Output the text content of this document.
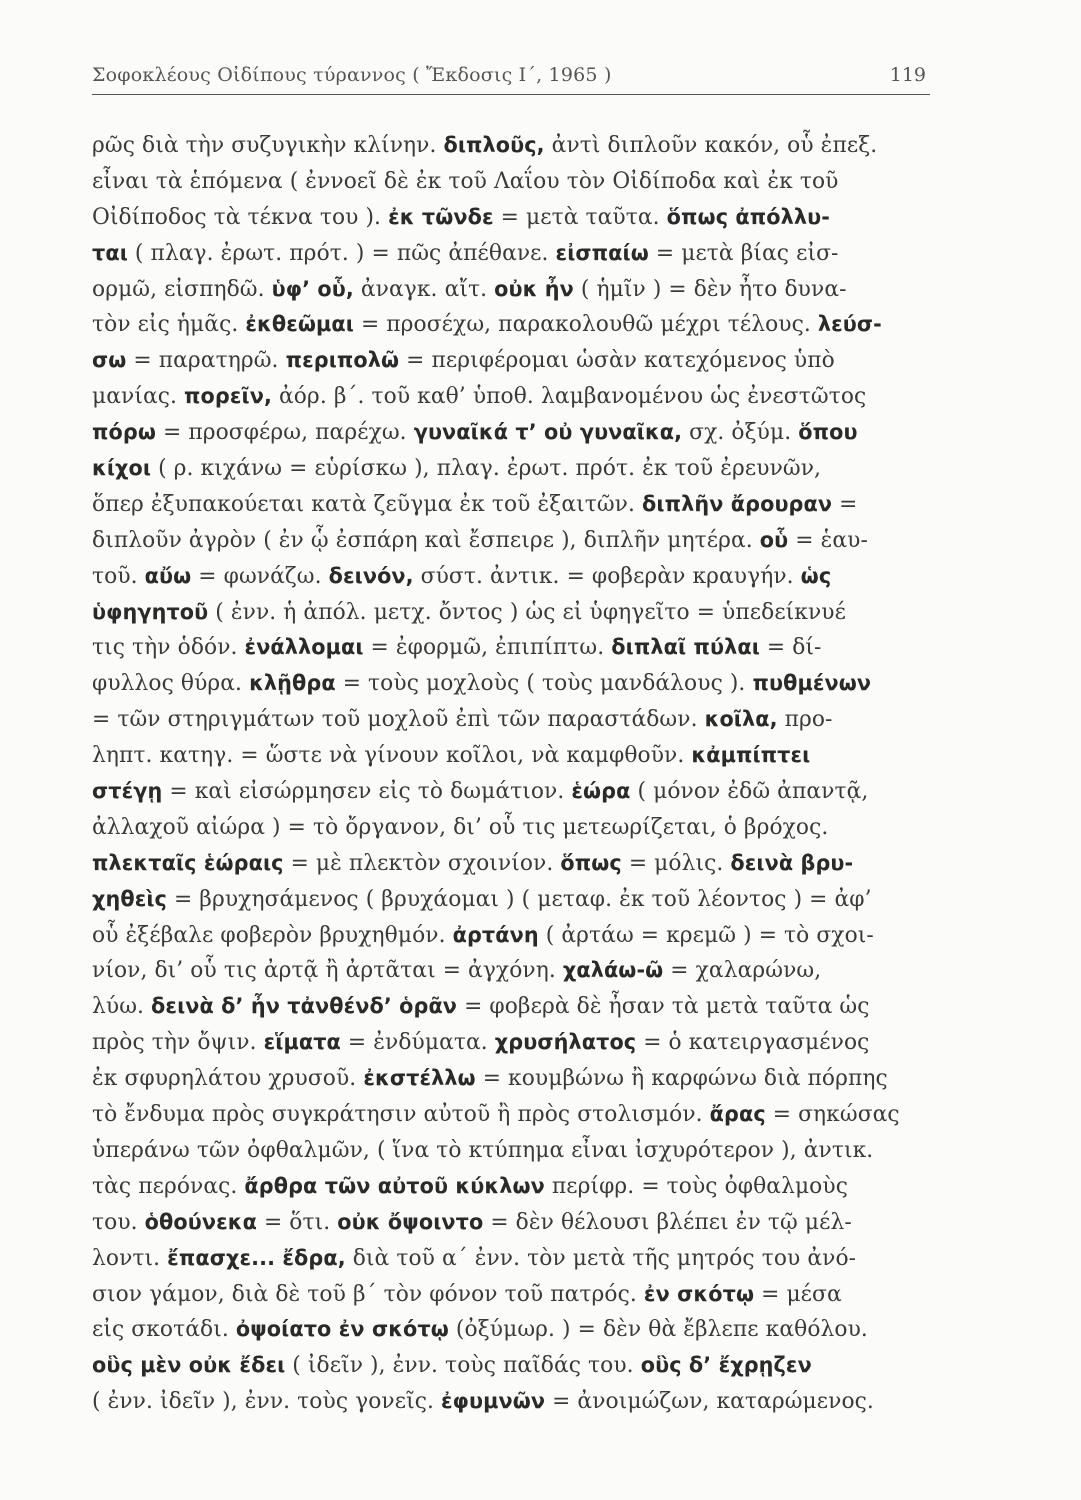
Σοφοκλέους Οἰδίπους τύραννος ( Ἔκδοσις Ι΄, 1965 )	119
ρῶς διὰ τὴν συζυγικὴν κλίνην. διπλοῦς, ἀντὶ διπλοῦν κακόν, οὗ ἐπεξ.
εἶναι τὰ ἑπόμενα ( ἐννοεῖ δὲ ἐκ τοῦ Λαΐου τὸν Οἰδίποδα καὶ ἐκ τοῦ
Οἰδίποδος τὰ τέκνα του ). ἐκ τῶνδε = μετὰ ταῦτα. ὅπως ἀπόλλυ-
ται ( πλαγ. ἐρωτ. πρότ. ) = πῶς ἀπέθανε. εἰσπαίω = μετὰ βίας εἰσ-
ορμῶ, εἰσπηδῶ. ὑφ’ οὗ, ἀναγκ. αἴτ. οὐκ ἦν ( ἡμῖν ) = δὲν ἦτο δυνα-
τὸν εἰς ἡμᾶς. ἐκθεῶμαι = προσέχω, παρακολουθῶ μέχρι τέλους. λεύσ-
σω = παρατηρῶ. περιπολῶ = περιφέρομαι ὡσὰν κατεχόμενος ὑπὸ
μανίας. πορεῖν, ἀόρ. β΄. τοῦ καθ’ ὑποθ. λαμβανομένου ὡς ἐνεστῶτος
πόρω = προσφέρω, παρέχω. γυναῖκά τ’ οὐ γυναῖκα, σχ. ὀξύμ. ὅπου
κίχοι ( ρ. κιχάνω = εὑρίσκω ), πλαγ. ἐρωτ. πρότ. ἐκ τοῦ ἐρευνῶν,
ὅπερ ἐξυπακούεται κατὰ ζεῦγμα ἐκ τοῦ ἐξαιτῶν. διπλῆν ἄρουραν =
διπλοῦν ἀγρὸν ( ἐν ᾧ ἐσπάρη καὶ ἔσπειρε ), διπλῆν μητέρα. οὗ = ἑαυ-
τοῦ. αὔω = φωνάζω. δεινόν, σύστ. ἀντικ. = φοβερὰν κραυγήν. ὡς
ὑφηγητοῦ ( ἐνν. ἡ ἀπόλ. μετχ. ὄντος ) ὡς εἰ ὑφηγεῖτο = ὑπεδείκνυέ
τις τὴν ὁδόν. ἐνάλλομαι = ἐφορμῶ, ἐπιπίπτω. διπλαῖ πύλαι = δί-
φυλλος θύρα. κλῇθρα = τοὺς μοχλοὺς ( τοὺς μανδάλους ). πυθμένων
= τῶν στηριγμάτων τοῦ μοχλοῦ ἐπὶ τῶν παραστάδων. κοῖλα, προ-
ληπτ. κατηγ. = ὥστε νὰ γίνουν κοῖλοι, νὰ καμφθοῦν. κἀμπίπτει
στέγῃ = καὶ εἰσώρμησεν εἰς τὸ δωμάτιον. ἑώρα ( μόνον ἐδῶ ἀπαντᾷ,
ἀλλαχοῦ αἰώρα ) = τὸ ὄργανον, δι’ οὗ τις μετεωρίζεται, ὁ βρόχος.
πλεκταῖς ἑώραις = μὲ πλεκτὸν σχοινίον. ὅπως = μόλις. δεινὰ βρυ-
χηθεὶς = βρυχησάμενος ( βρυχάομαι ) ( μεταφ. ἐκ τοῦ λέοντος ) = ἀφ’
οὗ ἐξέβαλε φοβερὸν βρυχηθμόν. ἀρτάνη ( ἀρτάω = κρεμῶ ) = τὸ σχοι-
νίον, δι’ οὗ τις ἀρτᾷ ἢ ἀρτᾶται = ἀγχόνη. χαλάω-ῶ = χαλαρώνω,
λύω. δεινὰ δ’ ἦν τἀνθένδ’ ὁρᾶν = φοβερὰ δὲ ἦσαν τὰ μετὰ ταῦτα ὡς
πρὸς τὴν ὄψιν. εἵματα = ἐνδύματα. χρυσήλατος = ὁ κατειργασμένος
ἐκ σφυρηλάτου χρυσοῦ. ἐκστέλλω = κουμβώνω ἢ καρφώνω διὰ πόρπης
τὸ ἔνδυμα πρὸς συγκράτησιν αὐτοῦ ἢ πρὸς στολισμόν. ἄρας = σηκώσας
ὑπεράνω τῶν ὀφθαλμῶν, ( ἵνα τὸ κτύπημα εἶναι ἰσχυρότερον ), ἀντικ.
τὰς περόνας. ἄρθρα τῶν αὐτοῦ κύκλων περίφρ. = τοὺς ὀφθαλμοὺς
του. ὁθούνεκα = ὅτι. οὐκ ὄψοιντο = δὲν θέλουσι βλέπει ἐν τῷ μέλ-
λοντι. ἔπασχε... ἔδρα, διὰ τοῦ α΄ ἐνν. τὸν μετὰ τῆς μητρός του ἀνό-
σιον γάμον, διὰ δὲ τοῦ β΄ τὸν φόνον τοῦ πατρός. ἐν σκότῳ = μέσα
εἰς σκοτάδι. ὀψοίατο ἐν σκότῳ (ὀξύμωρ. ) = δὲν θὰ ἔβλεπε καθόλου.
οὓς μὲν οὐκ ἔδει ( ἰδεῖν ), ἐνν. τοὺς παῖδάς του. οὓς δ’ ἔχρῃζεν
( ἐνν. ἰδεῖν ), ἐνν. τοὺς γονεῖς. ἐφυμνῶν = ἀνοιμώζων, καταρώμενος.
